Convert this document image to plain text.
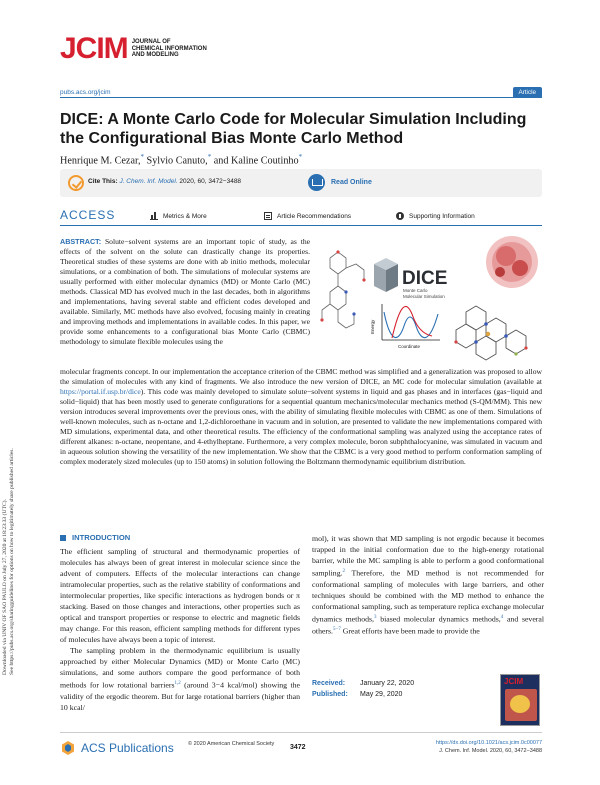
Downloaded via UNIV OF SAO PAULO on July 27, 2020 at 18:23:33 (UTC). See https://pubs.acs.org/sharingguidelines for options on how to legitimately share published articles.
JCIM JOURNAL OF
CHEMICAL INFORMATION
AND MODELING
pubs.acs.org/jcim	Article
DICE: A Monte Carlo Code for Molecular Simulation Including the Configurational Bias Monte Carlo Method
Henrique M. Cezar,* Sylvio Canuto,* and Kaline Coutinho*
Cite This: J. Chem. Inf. Model. 2020, 60, 3472−3488	Read Online
ACCESS	Metrics & More	Article Recommendations	Supporting Information
ABSTRACT: Solute−solvent systems are an important topic of study, as the effects of the solvent on the solute can drastically change its properties. Theoretical studies of these systems are done with ab initio methods, molecular simulations, or a combination of both. The simulations of molecular systems are usually performed with either molecular dynamics (MD) or Monte Carlo (MC) methods. Classical MD has evolved much in the last decades, both in algorithms and implementations, having several stable and efficient codes developed and available. Similarly, MC methods have also evolved, focusing mainly in creating and improving methods and implementations in available codes. In this paper, we provide some enhancements to a configurational bias Monte Carlo (CBMC) methodology to simulate flexible molecules using the
DICE
Monte Carlo
Molecular Simulation
Energy
Coordinate
molecular fragments concept. In our implementation the acceptance criterion of the CBMC method was simplified and a generalization was proposed to allow the simulation of molecules with any kind of fragments. We also introduce the new version of DICE, an MC code for molecular simulation (available at https://portal.if.usp.br/dice). This code was mainly developed to simulate solute−solvent systems in liquid and gas phases and in interfaces (gas−liquid and solid−liquid) that has been mostly used to generate configurations for a sequential quantum mechanics/molecular mechanics method (S-QM/MM). This new version introduces several improvements over the previous ones, with the ability of simulating flexible molecules with CBMC as one of them. Simulations of well-known molecules, such as n-octane and 1,2-dichloroethane in vacuum and in solution, are presented to validate the new implementations compared with MD simulations, experimental data, and other theoretical results. The efficiency of the conformational sampling was analyzed using the acceptance rates of different alkanes: n-octane, neopentane, and 4-ethylheptane. Furthermore, a very complex molecule, boron subphthalocyanine, was simulated in vacuum and in aqueous solution showing the versatility of the new implementation. We show that the CBMC is a very good method to perform conformation sampling of complex moderately sized molecules (up to 150 atoms) in solution following the Boltzmann thermodynamic equilibrium distribution.
INTRODUCTION

The efficient sampling of structural and thermodynamic properties of molecules has always been of great interest in molecular science since the advent of computers. Effects of the molecular interactions can change intramolecular properties, such as the relative stability of conformations and intermolecular properties, like specific interactions as hydrogen bonds or π stacking. Based on those changes and interactions, other properties such as optical and transport properties or response to electric and magnetic fields may change. For this reason, efficient sampling methods for different types of molecules have always been a topic of interest.

The sampling problem in the thermodynamic equilibrium is usually approached by either Molecular Dynamics (MD) or Monte Carlo (MC) simulations, and some authors compare the good performance of both methods for low rotational barriers$^{1,2}$ (around 3−4 kcal/mol) showing the validity of the ergodic theorem. But for large rotational barriers (higher than 10 kcal/

mol), it was shown that MD sampling is not ergodic because it becomes trapped in the initial conformation due to the high-energy rotational barrier, while the MC sampling is able to perform a good conformational sampling.$^2$ Therefore, the MD method is not recommended for conformational sampling of molecules with large barriers, and other techniques should be combined with the MD method to enhance the conformational sampling, such as temperature replica exchange molecular dynamics methods,$^3$ biased molecular dynamics methods,$^4$ and several others.$^{5-7}$ Great efforts have been made to provide the
Received: January 22, 2020
Published: May 29, 2020
JCIM
ACS Publications	© 2020 American Chemical Society 3472
https://dx.doi.org/10.1021/acs.jcim.0c00077
J. Chem. Inf. Model. 2020, 60, 3472−3488
